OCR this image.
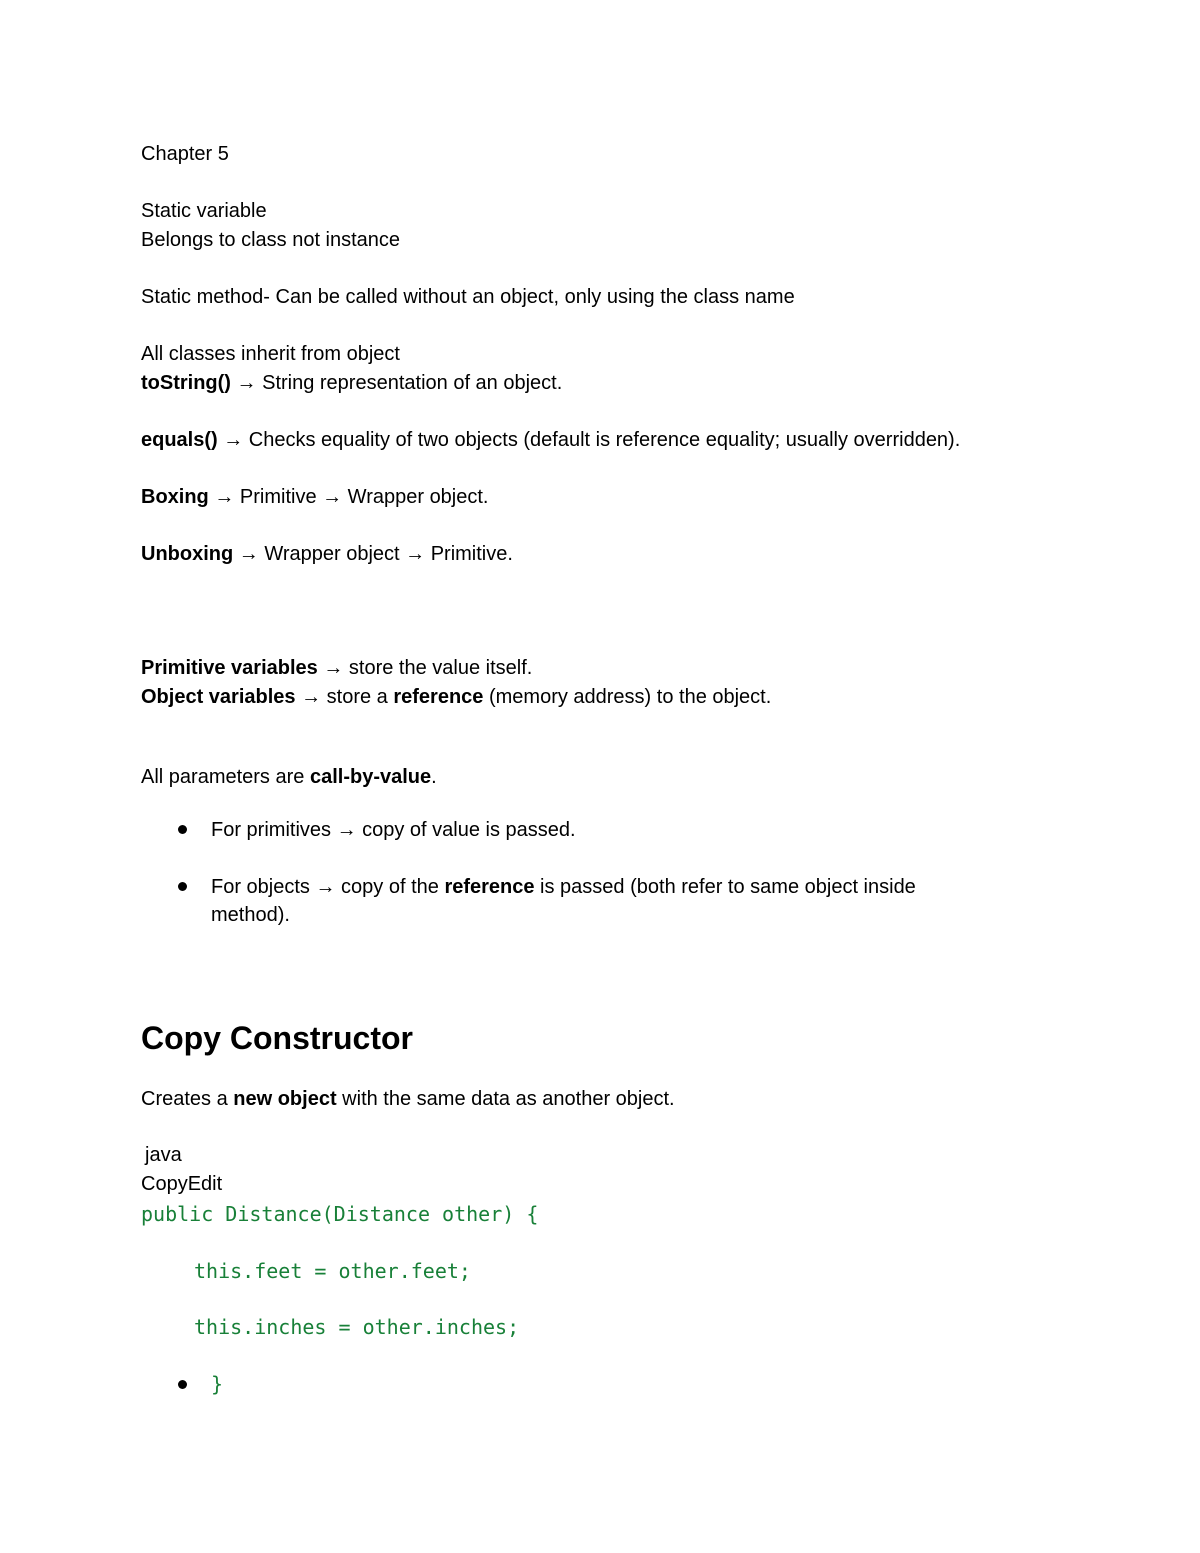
Chapter 5
Static variable
Belongs to class not instance
Static method- Can be called without an object, only using the class name
All classes inherit from object
toString() → String representation of an object.
equals() → Checks equality of two objects (default is reference equality; usually overridden).
Boxing → Primitive → Wrapper object.
Unboxing → Wrapper object → Primitive.
Primitive variables → store the value itself.
Object variables → store a reference (memory address) to the object.
All parameters are call-by-value.
For primitives → copy of value is passed.
For objects → copy of the reference is passed (both refer to same object inside
method).
Copy Constructor
Creates a new object with the same data as another object.
java
CopyEdit
public Distance(Distance other) {
this.feet = other.feet;
this.inches = other.inches;
}
